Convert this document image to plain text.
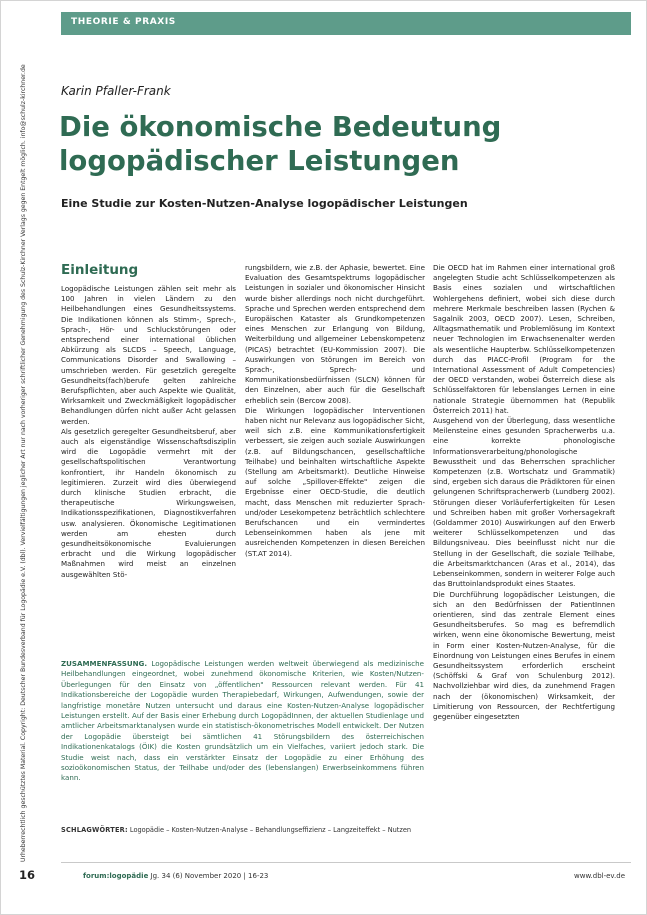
THEORIE & PRAXIS
Urheberrechtlich geschütztes Material. Copyright: Deutscher Bundesverband für Logopädie e.V. (dbl). Vervielfältigungen jeglicher Art nur nach vorheriger schriftlicher Genehmigung des Schulz-Kirchner Verlags gegen Entgelt möglich. info@schulz-kirchner.de	Karin Pfaller-Frank
Die ökonomische Bedeutung
logopädischer Leistungen
Eine Studie zur Kosten-Nutzen-Analyse logopädischer Leistungen
Einleitung

Logopädische Leistungen zählen seit mehr als 100 Jahren in vielen Ländern zu den Heilbehandlungen eines Gesundheitssystems. Die Indikationen können als Stimm-, Sprech-, Sprach-, Hör- und Schluckstörungen oder entsprechend einer international üblichen Abkürzung als SLCDS – Speech, Language, Communications Disorder and Swallowing – umschrieben werden. Für gesetzlich geregelte Gesundheits(fach)berufe gelten zahlreiche Berufspflichten, aber auch Aspekte wie Qualität, Wirksamkeit und Zweckmäßigkeit logopädischer Behandlungen dürfen nicht außer Acht gelassen werden.

Als gesetzlich geregelter Gesundheitsberuf, aber auch als eigenständige Wissenschaftsdisziplin wird die Logopädie vermehrt mit der gesellschaftspolitischen Verantwortung konfrontiert, ihr Handeln ökonomisch zu legitimieren. Zurzeit wird dies überwiegend durch klinische Studien erbracht, die therapeutische Wirkungsweisen, Indikationsspezifikationen, Diagnostikverfahren usw. analysieren. Ökonomische Legitimationen werden am ehesten durch gesundheitsökonomische Evaluierungen erbracht und die Wirkung logopädischer Maßnahmen wird meist an einzelnen ausgewählten Stö-

rungsbildern, wie z.B. der Aphasie, bewertet. Eine Evaluation des Gesamtspektrums logopädischer Leistungen in sozialer und ökonomischer Hinsicht wurde bisher allerdings noch nicht durchgeführt. Sprache und Sprechen werden entsprechend dem Europäischen Kataster als Grundkompetenzen eines Menschen zur Erlangung von Bildung, Weiterbildung und allgemeiner Lebenskompetenz (PICAS) betrachtet (EU-Kommission 2007). Die Auswirkungen von Störungen im Bereich von Sprach-, Sprech- und Kommunikationsbedürfnissen (SLCN) können für den Einzelnen, aber auch für die Gesellschaft erheblich sein (Bercow 2008).

Die Wirkungen logopädischer Interventionen haben nicht nur Relevanz aus logopädischer Sicht, weil sich z.B. eine Kommunikationsfertigkeit verbessert, sie zeigen auch soziale Auswirkungen (z.B. auf Bildungschancen, gesellschaftliche Teilhabe) und beinhalten wirtschaftliche Aspekte (Stellung am Arbeitsmarkt). Deutliche Hinweise auf solche „Spillover-Effekte" zeigen die Ergebnisse einer OECD-Studie, die deutlich macht, dass Menschen mit reduzierter Sprach- und/oder Lesekompetenz beträchtlich schlechtere Berufschancen und ein vermindertes Lebenseinkommen haben als jene mit ausreichenden Kompetenzen in diesen Bereichen (ST.AT 2014).

Die OECD hat im Rahmen einer international groß angelegten Studie acht Schlüsselkompetenzen als Basis eines sozialen und wirtschaftlichen Wohlergehens definiert, wobei sich diese durch mehrere Merkmale beschreiben lassen (Rychen & Sagalnik 2003, OECD 2007). Lesen, Schreiben, Alltagsmathematik und Problemlösung im Kontext neuer Technologien im Erwachsenenalter werden als wesentliche Haupterbw. Schlüsselkompetenzen durch das PIACC-Profil (Program for the International Assessment of Adult Competencies) der OECD verstanden, wobei Österreich diese als Schlüsselfaktoren für lebenslanges Lernen in eine nationale Strategie übernommen hat (Republik Österreich 2011) hat.

Ausgehend von der Überlegung, dass wesentliche Meilensteine eines gesunden Spracherwerbs u.a. eine korrekte phonologische Informationsverarbeitung/phonologische Bewusstheit und das Beherrschen sprachlicher Kompetenzen (z.B. Wortschatz und Grammatik) sind, ergeben sich daraus die Prädiktoren für einen gelungenen Schriftspracherwerb (Lundberg 2002). Störungen dieser Vorläuferfertigkeiten für Lesen und Schreiben haben mit großer Vorhersagekraft (Goldammer 2010) Auswirkungen auf den Erwerb weiterer Schlüsselkompetenzen und das Bildungsniveau. Dies beeinflusst nicht nur die Stellung in der Gesellschaft, die soziale Teilhabe, die Arbeitsmarktchancen (Aras et al., 2014), das Lebenseinkommen, sondern in weiterer Folge auch das Bruttoinlandsprodukt eines Staates.

Die Durchführung logopädischer Leistungen, die sich an den Bedürfnissen der PatientInnen orientieren, sind das zentrale Element eines Gesundheitsberufes. So mag es befremdlich wirken, wenn eine ökonomische Bewertung, meist in Form einer Kosten-Nutzen-Analyse, für die Einordnung von Leistungen eines Berufes in einem Gesundheitssystem erforderlich erscheint (Schöffski & Graf von Schulenburg 2012). Nachvollziehbar wird dies, da zunehmend Fragen nach der (ökonomischen) Wirksamkeit, der Limitierung von Ressourcen, der Rechtfertigung gegenüber eingesetzten

ZUSAMMENFASSUNG. Logopädische Leistungen werden weltweit überwiegend als medizinische Heilbehandlungen eingeordnet, wobei zunehmend ökonomische Kriterien, wie Kosten/Nutzen-Überlegungen für den Einsatz von „öffentlichen" Ressourcen relevant werden. Für 41 Indikationsbereiche der Logopädie wurden Therapiebedarf, Wirkungen, Aufwendungen, sowie der langfristige monetäre Nutzen untersucht und daraus eine Kosten-Nutzen-Analyse logopädischer Leistungen erstellt. Auf der Basis einer Erhebung durch LogopädInnen, der aktuellen Studienlage und amtlicher Arbeitsmarktanalysen wurde ein statistisch-ökonometrisches Modell entwickelt. Der Nutzen der Logopädie übersteigt bei sämtlichen 41 Störungsbildern des österreichischen Indikationenkatalogs (ÖIK) die Kosten grundsätzlich um ein Vielfaches, variiert jedoch stark. Die Studie weist nach, dass ein verstärkter Einsatz der Logopädie zu einer Erhöhung des sozioökonomischen Status, der Teilhabe und/oder des (lebenslangen) Erwerbseinkommens führen kann.
SCHLAGWÖRTER: Logopädie – Kosten-Nutzen-Analyse – Behandlungseffizienz – Langzeiteffekt – Nutzen
16	forum:logopädie Jg. 34 (6) November 2020 | 16-23	www.dbl-ev.de
